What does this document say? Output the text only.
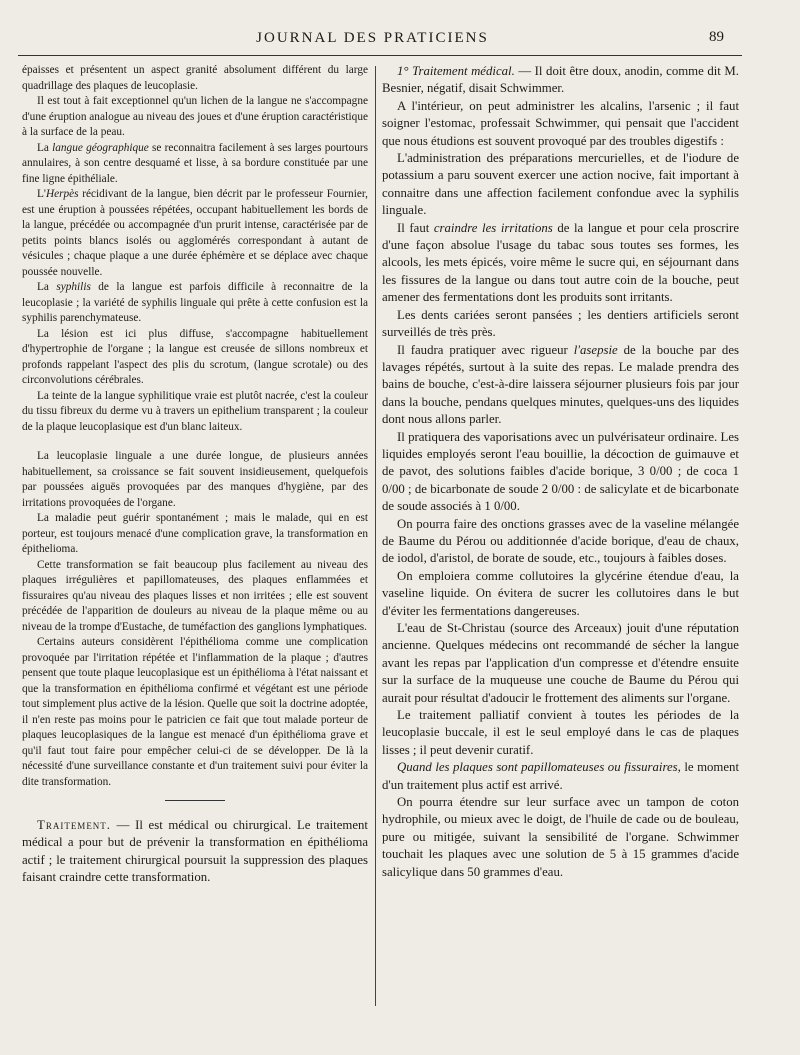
JOURNAL DES PRATICIENS	89

épaisses et présentent un aspect granité absolument différent du large quadrillage des plaques de leucoplasie.

Il est tout à fait exceptionnel qu'un lichen de la langue ne s'accompagne d'une éruption analogue au niveau des joues et d'une éruption caractéristique à la surface de la peau.

La langue géographique se reconnaitra facilement à ses larges pourtours annulaires, à son centre desquamé et lisse, à sa bordure constituée par une fine ligne épithéliale.

L'Herpès récidivant de la langue, bien décrit par le professeur Fournier, est une éruption à poussées répétées, occupant habituellement les bords de la langue, précédée ou accompagnée d'un prurit intense, caractérisée par de petits points blancs isolés ou agglomérés correspondant à autant de vésicules ; chaque plaque a une durée éphémère et se déplace avec chaque poussée nouvelle.

La syphilis de la langue est parfois difficile à reconnaitre de la leucoplasie ; la variété de syphilis linguale qui prête à cette confusion est la syphilis parenchymateuse.

La lésion est ici plus diffuse, s'accompagne habituellement d'hypertrophie de l'organe ; la langue est creusée de sillons nombreux et profonds rappelant l'aspect des plis du scrotum, (langue scrotale) ou des circonvolutions cérébrales.

La teinte de la langue syphilitique vraie est plutôt nacrée, c'est la couleur du tissu fibreux du derme vu à travers un epithelium transparent ; la couleur de la plaque leucoplasique est d'un blanc laiteux.

La leucoplasie linguale a une durée longue, de plusieurs années habituellement, sa croissance se fait souvent insidieusement, quelquefois par poussées aiguës provoquées par des manques d'hygiène, par des irritations provoquées de l'organe.

La maladie peut guérir spontanément ; mais le malade, qui en est porteur, est toujours menacé d'une complication grave, la transformation en épithelioma.

Cette transformation se fait beaucoup plus facilement au niveau des plaques irrégulières et papillomateuses, des plaques enflammées et fissuraires qu'au niveau des plaques lisses et non irritées ; elle est souvent précédée de l'apparition de douleurs au niveau de la plaque même ou au niveau de la trompe d'Eustache, de tuméfaction des ganglions lymphatiques.

Certains auteurs considèrent l'épithélioma comme une complication provoquée par l'irritation répétée et l'inflammation de la plaque ; d'autres pensent que toute plaque leucoplasique est un épithélioma à l'état naissant et que la transformation en épithélioma confirmé et végétant est une période tout simplement plus active de la lésion. Quelle que soit la doctrine adoptée, il n'en reste pas moins pour le patricien ce fait que tout malade porteur de plaques leucoplasiques de la langue est menacé d'un épithélioma grave et qu'il faut tout faire pour empêcher celui-ci de se développer. De là la nécessité d'une surveillance constante et d'un traitement suivi pour éviter la dite transformation.

Traitement. — Il est médical ou chirurgical. Le traitement médical a pour but de prévenir la transformation en épithélioma actif ; le traitement chirurgical poursuit la suppression des plaques faisant craindre cette transformation.

1° Traitement médical. — Il doit être doux, anodin, comme dit M. Besnier, négatif, disait Schwimmer.

A l'intérieur, on peut administrer les alcalins, l'arsenic ; il faut soigner l'estomac, professait Schwimmer, qui pensait que l'accident que nous étudions est souvent provoqué par des troubles digestifs :

L'administration des préparations mercurielles, et de l'iodure de potassium a paru souvent exercer une action nocive, fait important à connaitre dans une affection facilement confondue avec la syphilis linguale.

Il faut craindre les irritations de la langue et pour cela proscrire d'une façon absolue l'usage du tabac sous toutes ses formes, les alcools, les mets épicés, voire même le sucre qui, en séjournant dans les fissures de la langue ou dans tout autre coin de la bouche, peut amener des fermentations dont les produits sont irritants.

Les dents cariées seront pansées ; les dentiers artificiels seront surveillés de très près.

Il faudra pratiquer avec rigueur l'asepsie de la bouche par des lavages répétés, surtout à la suite des repas. Le malade prendra des bains de bouche, c'est-à-dire laissera séjourner plusieurs fois par jour dans la bouche, pendans quelques minutes, quelques-uns des liquides dont nous allons parler.

Il pratiquera des vaporisations avec un pulvérisateur ordinaire. Les liquides employés seront l'eau bouillie, la décoction de guimauve et de pavot, des solutions faibles d'acide borique, 3 0/00 ; de coca 1 0/00 ; de bicarbonate de soude 2 0/00 : de salicylate et de bicarbonate de soude associés à 1 0/00.

On pourra faire des onctions grasses avec de la vaseline mélangée de Baume du Pérou ou additionnée d'acide borique, d'eau de chaux, de iodol, d'aristol, de borate de soude, etc., toujours à faibles doses.

On emploiera comme collutoires la glycérine étendue d'eau, la vaseline liquide. On évitera de sucrer les collutoires dans le but d'éviter les fermentations dangereuses.

L'eau de St-Christau (source des Arceaux) jouit d'une réputation ancienne. Quelques médecins ont recommandé de sécher la langue avant les repas par l'application d'un compresse et d'étendre ensuite sur la surface de la muqueuse une couche de Baume du Pérou qui aurait pour résultat d'adoucir le frottement des aliments sur l'organe.

Le traitement palliatif convient à toutes les périodes de la leucoplasie buccale, il est le seul employé dans le cas de plaques lisses ; il peut devenir curatif.

Quand les plaques sont papillomateuses ou fissuraires, le moment d'un traitement plus actif est arrivé.

On pourra étendre sur leur surface avec un tampon de coton hydrophile, ou mieux avec le doigt, de l'huile de cade ou de bouleau, pure ou mitigée, suivant la sensibilité de l'organe. Schwimmer touchait les plaques avec une solution de 5 à 15 grammes d'acide salicylique dans 50 grammes d'eau.
